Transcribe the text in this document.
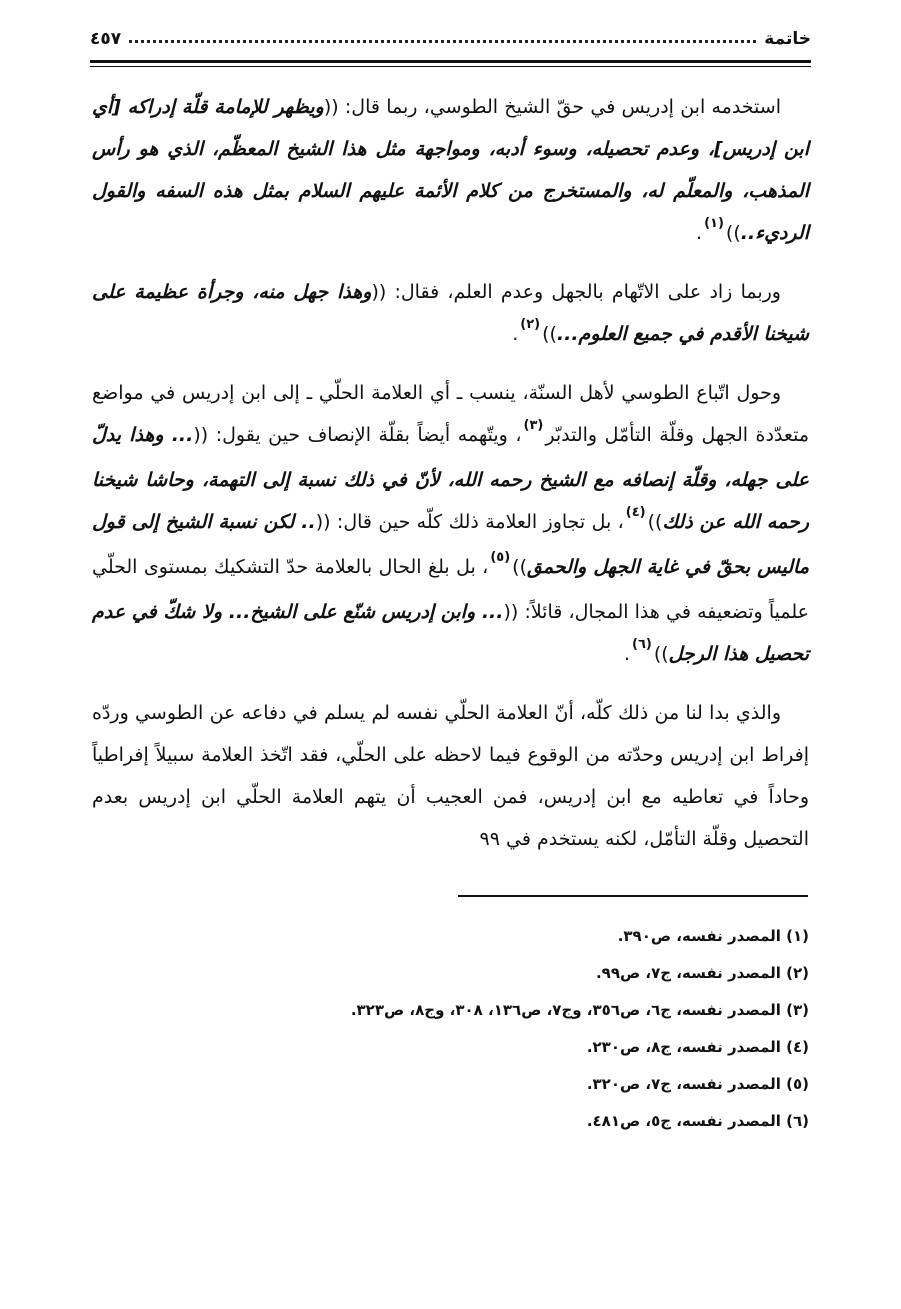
خاتمة
٤٥٧

استخدمه ابن إدريس في حقّ الشيخ الطوسي، ربما قال: ((ويظهر للإمامة قلّة إدراكه [أي ابن إدريس]، وعدم تحصيله، وسوء أدبه، ومواجهة مثل هذا الشيخ المعظّم، الذي هو رأس المذهب، والمعلّم له، والمستخرج من كلام الأئمة عليهم السلام بمثل هذه السفه والقول الرديء..))$^{(١)}$.

وربما زاد على الاتّهام بالجهل وعدم العلم، فقال: ((وهذا جهل منه، وجرأة عظيمة على شيخنا الأقدم في جميع العلوم...))$^{(٢)}$.

وحول اتّباع الطوسي لأهل السنّة، ينسب ـ أي العلامة الحلّي ـ إلى ابن إدريس في مواضع متعدّدة الجهل وقلّة التأمّل والتدبّر$^{(٣)}$، ويتّهمه أيضاً بقلّة الإنصاف حين يقول: ((... وهذا يدلّ على جهله، وقلّة إنصافه مع الشيخ رحمه الله، لأنّ في ذلك نسبة إلى التهمة، وحاشا شيخنا رحمه الله عن ذلك))$^{(٤)}$، بل تجاوز العلامة ذلك كلّه حين قال: ((.. لكن نسبة الشيخ إلى قول ماليس بحقّ في غاية الجهل والحمق))$^{(٥)}$، بل بلغ الحال بالعلامة حدّ التشكيك بمستوى الحلّي علمياً وتضعيفه في هذا المجال، قائلاً: ((... وابن إدريس شنّع على الشيخ... ولا شكّ في عدم تحصيل هذا الرجل))$^{(٦)}$.

والذي بدا لنا من ذلك كلّه، أنّ العلامة الحلّي نفسه لم يسلم في دفاعه عن الطوسي وردّه إفراط ابن إدريس وحدّته من الوقوع فيما لاحظه على الحلّي، فقد اتّخذ العلامة سبيلاً إفراطياً وحاداً في تعاطيه مع ابن إدريس، فمن العجيب أن يتهم العلامة الحلّي ابن إدريس بعدم التحصيل وقلّة التأمّل، لكنه يستخدم في ٩٩

(١) المصدر نفسه، ص٣٩٠.
(٢) المصدر نفسه، ج٧، ص٩٩.
(٣) المصدر نفسه، ج٦، ص٣٥٦، وج٧، ص١٣٦، ٣٠٨، وج٨، ص٣٢٣.
(٤) المصدر نفسه، ج٨، ص٢٣٠.
(٥) المصدر نفسه، ج٧، ص٣٢٠.
(٦) المصدر نفسه، ج٥، ص٤٨١.
